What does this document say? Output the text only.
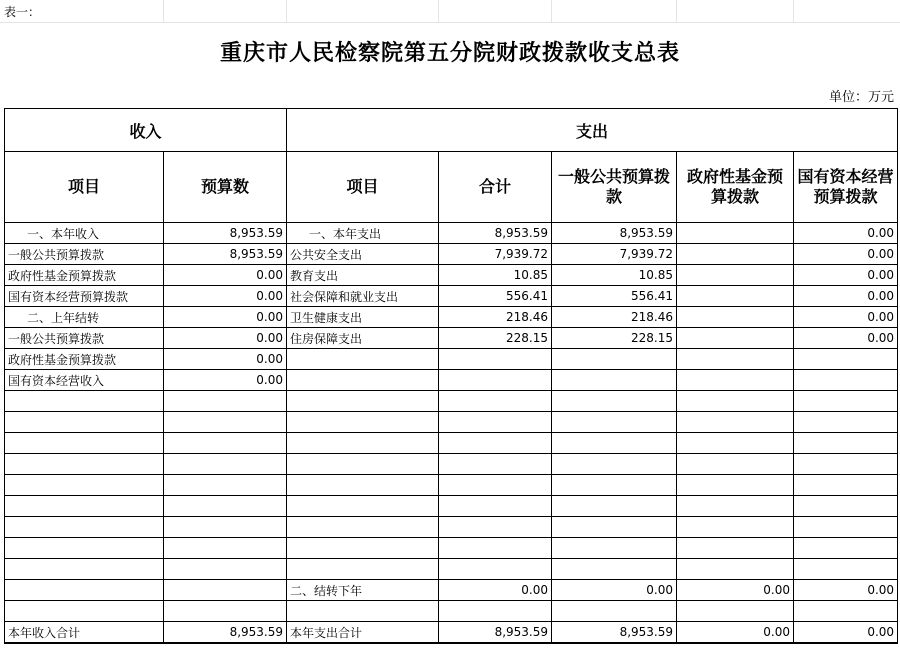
表一：
重庆市人民检察院第五分院财政拨款收支总表
单位：万元
收入		支出				
项目	预算数	项目	合计	一般公共预算拨款	政府性基金预算拨款	国有资本经营预算拨款
一、本年收入	8,953.59	一、本年支出	8,953.59	8,953.59		0.00
一般公共预算拨款	8,953.59	公共安全支出	7,939.72	7,939.72		0.00
政府性基金预算拨款	0.00	教育支出	10.85	10.85		0.00
国有资本经营预算拨款	0.00	社会保障和就业支出	556.41	556.41		0.00
二、上年结转	0.00	卫生健康支出	218.46	218.46		0.00
一般公共预算拨款	0.00	住房保障支出	228.15	228.15		0.00
政府性基金预算拨款	0.00					
国有资本经营收入	0.00					

		二、结转下年	0.00	0.00	0.00	0.00

本年收入合计	8,953.59	本年支出合计	8,953.59	8,953.59	0.00	0.00
